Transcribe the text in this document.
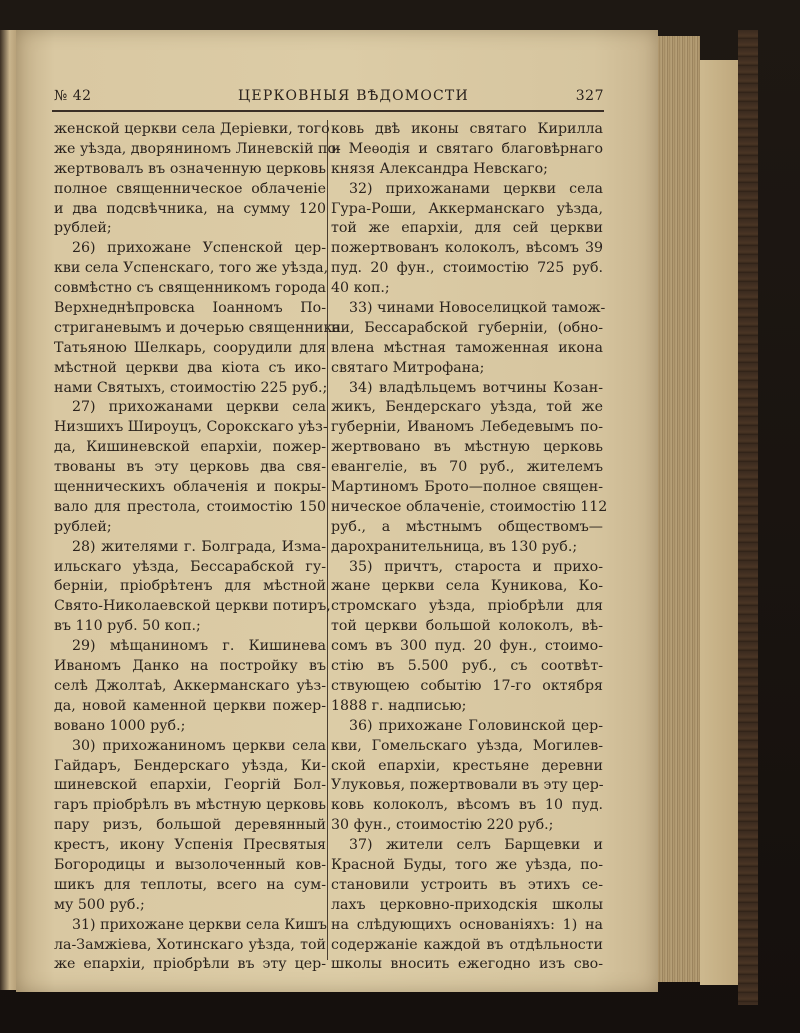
№ 42	ЦЕРКОВНЫЯ ВѢДОМОСТИ	327
женской церкви села Деріевки, того
же уѣзда, дворяниномъ Линевскій по-
жертвовалъ въ означенную церковь
полное священническое облаченіе
и два подсвѣчника, на сумму 120
рублей;
26) прихожане Успенской цер-
кви села Успенскаго, того же уѣзда,
совмѣстно съ священникомъ города
Верхнеднѣпровска Іоанномъ По-
стриганевымъ и дочерью священника
Татьяною Шелкарь, соорудили для
мѣстной церкви два кіота съ ико-
нами Святыхъ, стоимостію 225 руб.;
27) прихожанами церкви села
Низшихъ Широуцъ, Сорокскаго уѣз-
да, Кишиневской епархіи, пожер-
твованы въ эту церковь два свя-
щенническихъ облаченія и покры-
вало для престола, стоимостію 150
рублей;
28) жителями г. Болграда, Изма-
ильскаго уѣзда, Бессарабской гу-
берніи, пріобрѣтенъ для мѣстной
Свято-Николаевской церкви потиръ,
въ 110 руб. 50 коп.;
29) мѣщаниномъ г. Кишинева
Иваномъ Данко на постройку въ
селѣ Джолтаѣ, Аккерманскаго уѣз-
да, новой каменной церкви пожер-
вовано 1000 руб.;
30) прихожаниномъ церкви села
Гайдаръ, Бендерскаго уѣзда, Ки-
шиневской епархіи, Георгій Бол-
гаръ пріобрѣлъ въ мѣстную церковь
пару ризъ, большой деревянный
крестъ, икону Успенія Пресвятыя
Богородицы и вызолоченный ков-
шикъ для теплоты, всего на сум-
му 500 руб.;
31) прихожане церкви села Кишъ
ла-Замжіева, Хотинскаго уѣзда, той
же епархіи, пріобрѣли въ эту цер-
ковь двѣ иконы святаго Кирилла
и Меѳодія и святаго благовѣрнаго
князя Александра Невскаго;
32) прихожанами церкви села
Гура-Роши, Аккерманскаго уѣзда,
той же епархіи, для сей церкви
пожертвованъ колоколъ, вѣсомъ 39
пуд. 20 фун., стоимостію 725 руб.
40 коп.;
33) чинами Новоселицкой тамож-
ни, Бессарабской губерніи, (обно-
влена мѣстная таможенная икона
святаго Митрофана;
34) владѣльцемъ вотчины Козан-
жикъ, Бендерскаго уѣзда, той же
губерніи, Иваномъ Лебедевымъ по-
жертвовано въ мѣстную церковь
евангеліе, въ 70 руб., жителемъ
Мартиномъ Брото—полное священ-
ническое облаченіе, стоимостію 112
руб., а мѣстнымъ обществомъ—
дарохранительница, въ 130 руб.;
35) причтъ, староста и прихо-
жане церкви села Куникова, Ко-
стромскаго уѣзда, пріобрѣли для
той церкви большой колоколъ, вѣ-
сомъ въ 300 пуд. 20 фун., стоимо-
стію въ 5.500 руб., съ соотвѣт-
ствующею событію 17-го октября
1888 г. надписью;
36) прихожане Головинской цер-
кви, Гомельскаго уѣзда, Могилев-
ской епархіи, крестьяне деревни
Улуковья, пожертвовали въ эту цер-
ковь колоколъ, вѣсомъ въ 10 пуд.
30 фун., стоимостію 220 руб.;
37) жители селъ Барщевки и
Красной Буды, того же уѣзда, по-
становили устроить въ этихъ се-
лахъ церковно-приходскія школы
на слѣдующихъ основаніяхъ: 1) на
содержаніе каждой въ отдѣльности
школы вносить ежегодно изъ сво-
